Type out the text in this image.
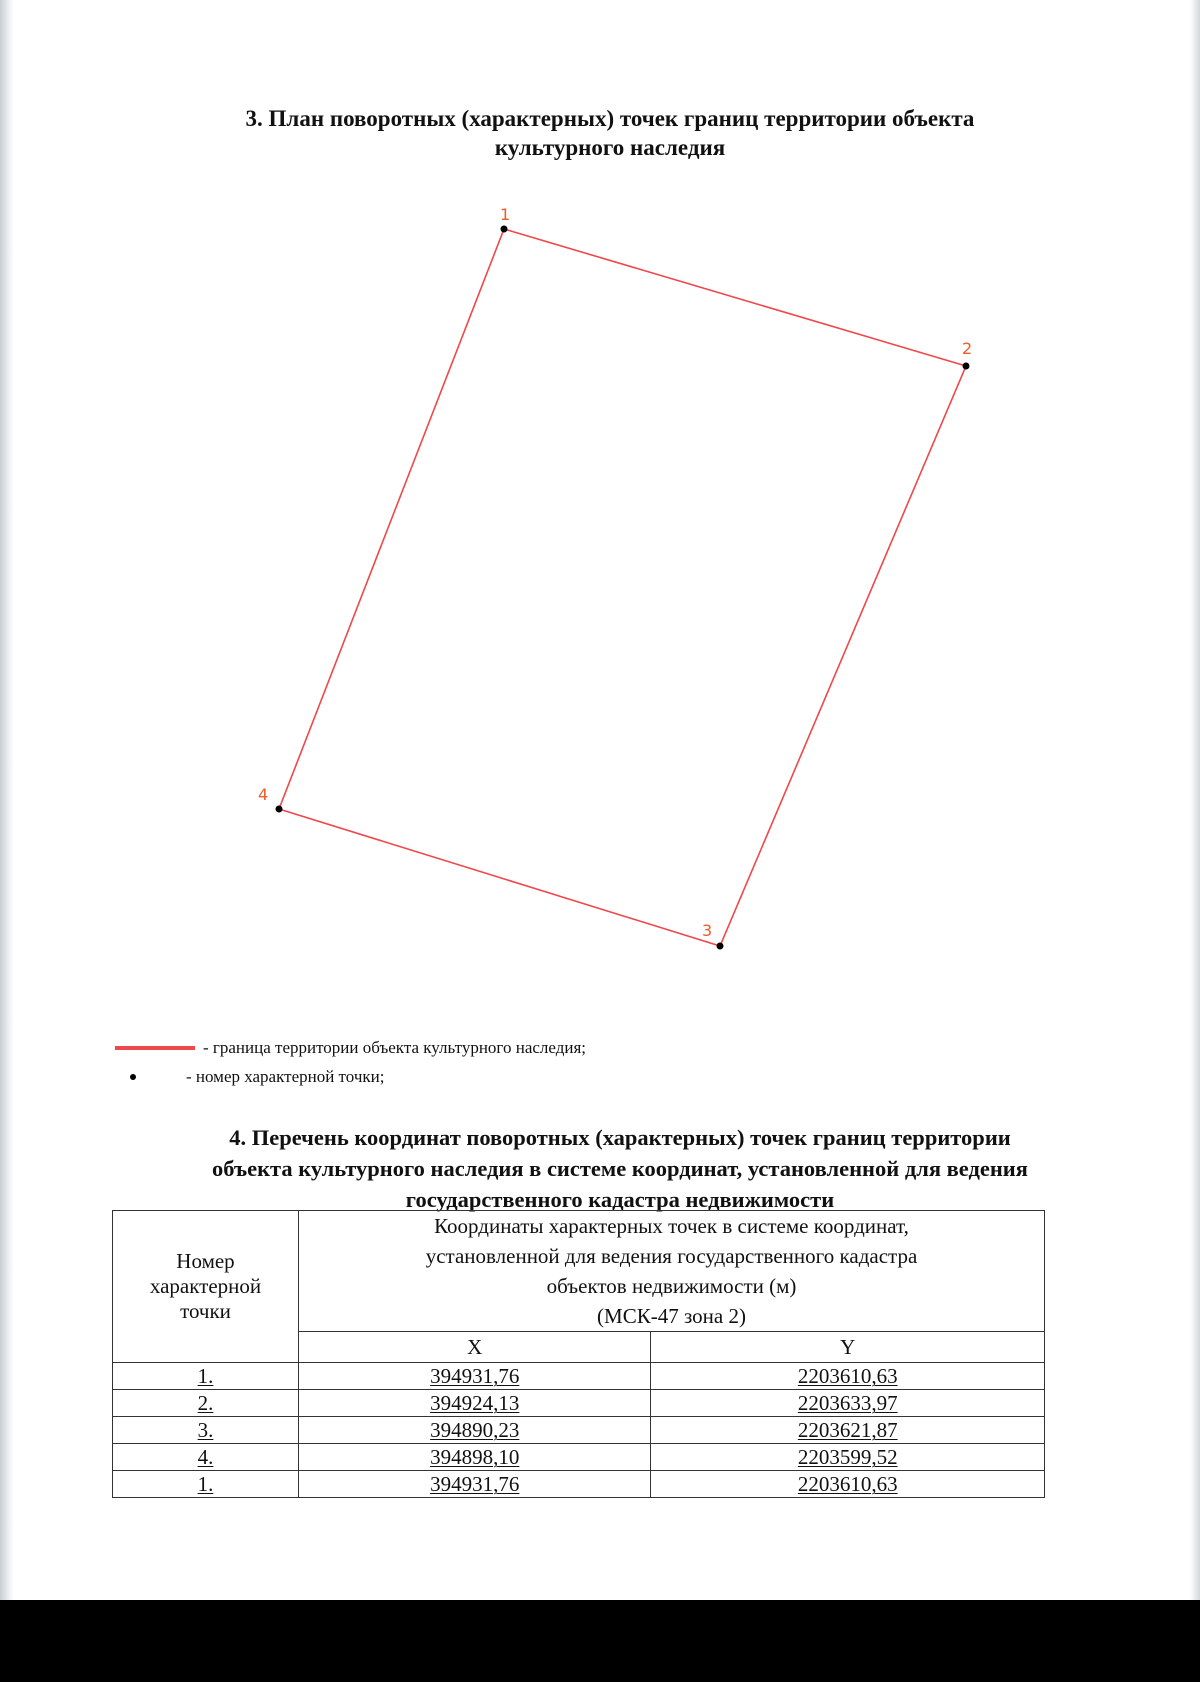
3. План поворотных (характерных) точек границ территории объекта
культурного наследия
1
2
3
4
- граница территории объекта культурного наследия;
- номер характерной точки;
4. Перечень координат поворотных (характерных) точек границ территории
объекта культурного наследия в системе координат, установленной для ведения
государственного кадастра недвижимости
Номер
характерной
точки	Координаты характерных точек в системе координат,
установленной для ведения государственного кадастра
объектов недвижимости (м)
(МСК-47 зона 2)	
	X	Y
1.	394931,76	2203610,63
2.	394924,13	2203633,97
3.	394890,23	2203621,87
4.	394898,10	2203599,52
1.	394931,76	2203610,63
